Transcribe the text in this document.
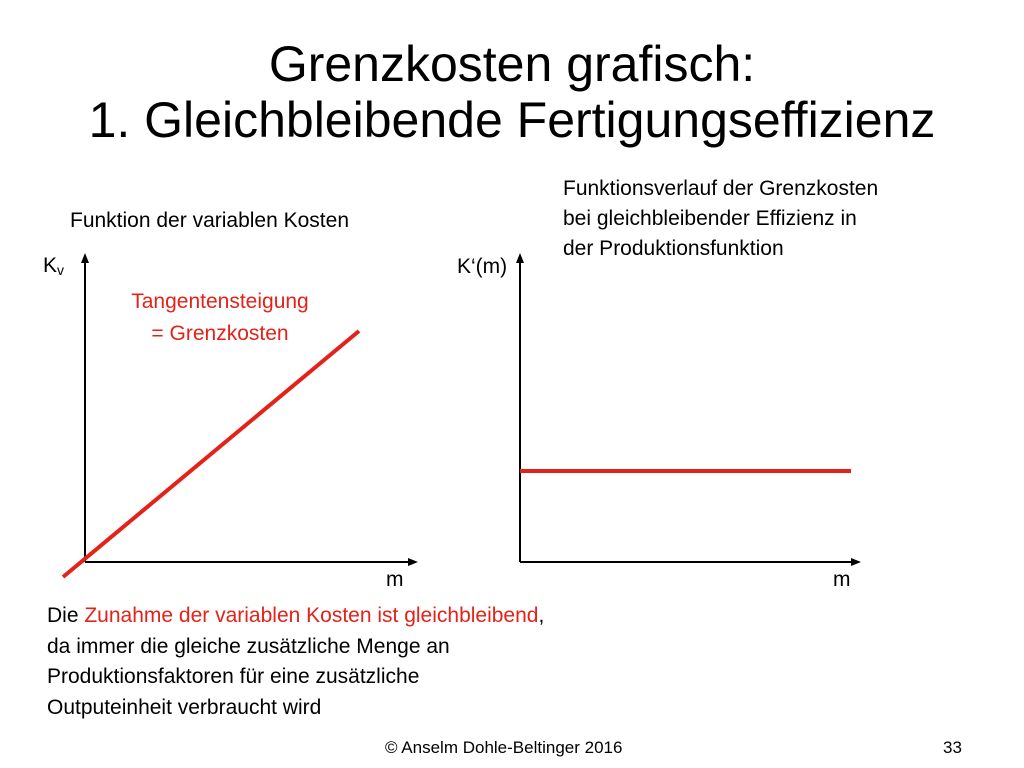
Grenzkosten grafisch:
1. Gleichbleibende Fertigungseffizienz
Funktion der variablen Kosten
Funktionsverlauf der Grenzkosten
bei gleichbleibender Effizienz in
der Produktionsfunktion
$K_v$
Tangentensteigung
= Grenzkosten
m
K‘(m)
m
Die Zunahme der variablen Kosten ist gleichbleibend, da immer die gleiche zusätzliche Menge an Produktionsfaktoren für eine zusätzliche Outputeinheit verbraucht wird
© Anselm Dohle-Beltinger 2016	33
